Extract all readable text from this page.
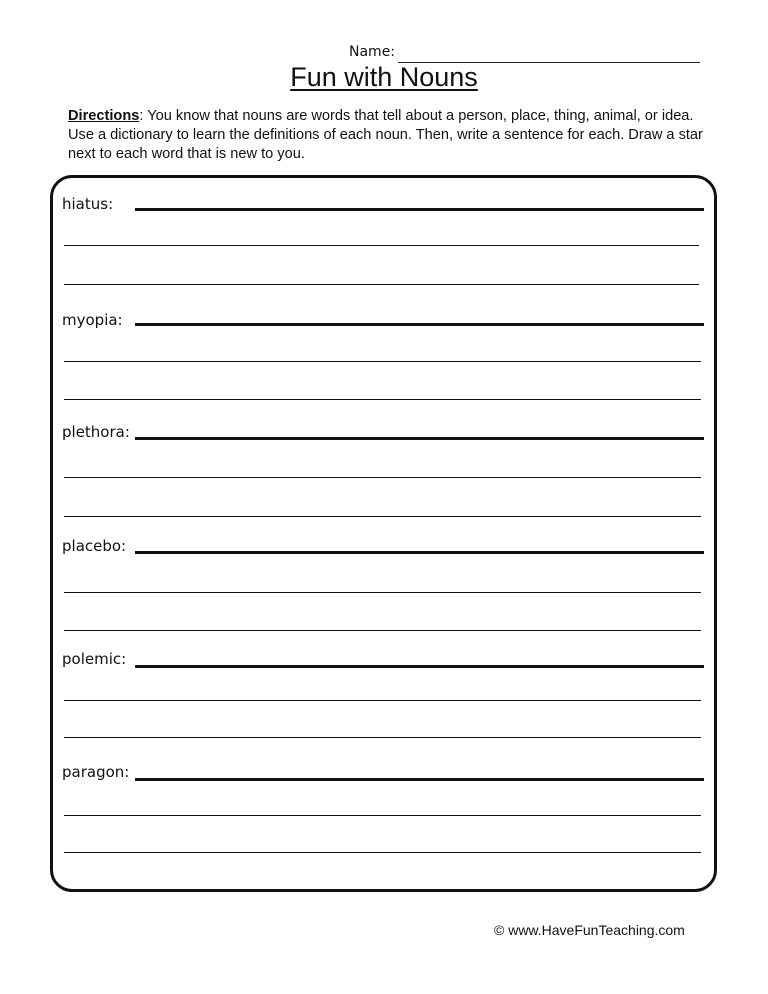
Name:
Fun with Nouns
Directions: You know that nouns are words that tell about a person, place, thing, animal, or idea. Use a dictionary to learn the definitions of each noun. Then, write a sentence for each. Draw a star next to each word that is new to you.
hiatus:
myopia:
plethora:
placebo:
polemic:
paragon:
© www.HaveFunTeaching.com
